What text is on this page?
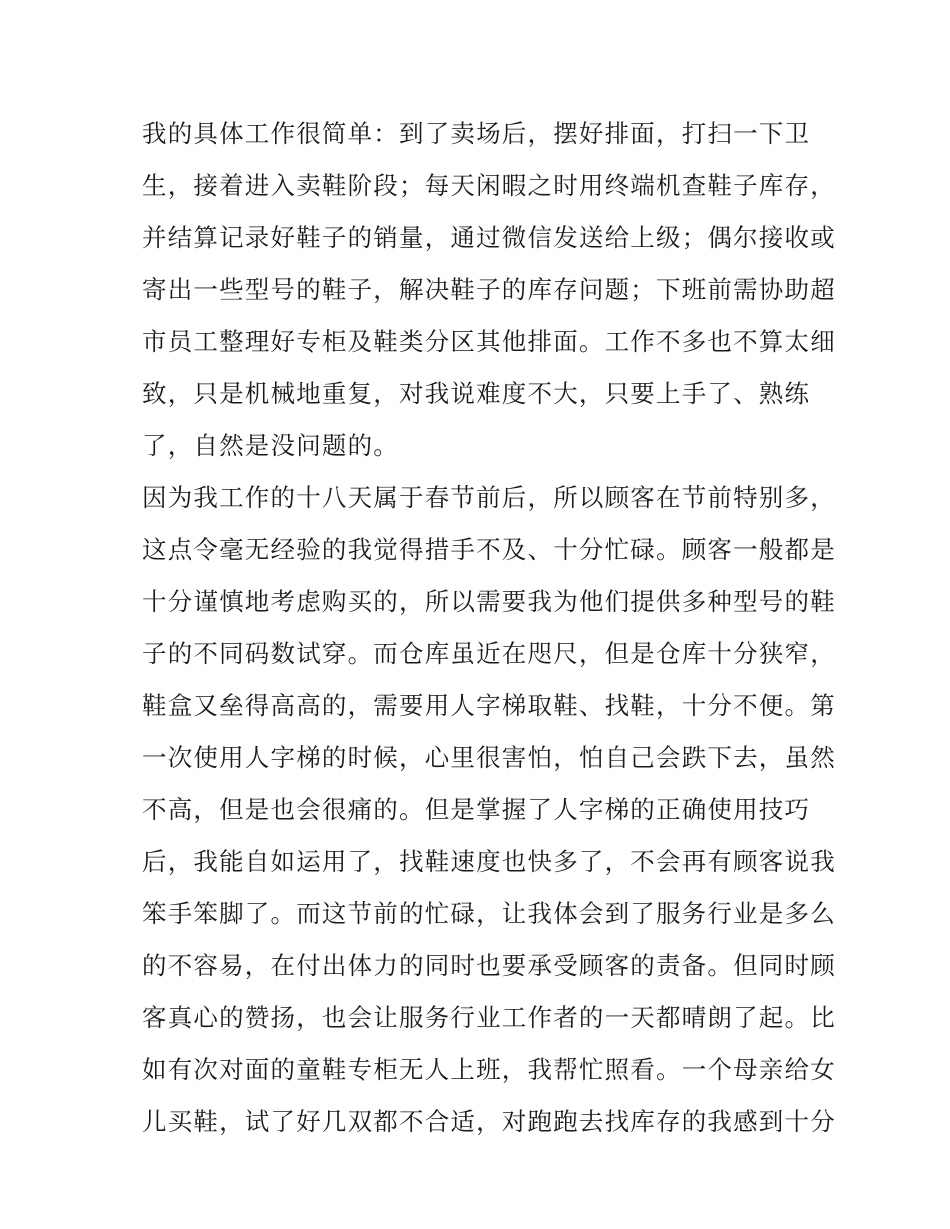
我的具体工作很简单：到了卖场后，摆好排面，打扫一下卫
生，接着进入卖鞋阶段；每天闲暇之时用终端机查鞋子库存，
并结算记录好鞋子的销量，通过微信发送给上级；偶尔接收或
寄出一些型号的鞋子，解决鞋子的库存问题；下班前需协助超
市员工整理好专柜及鞋类分区其他排面。工作不多也不算太细
致，只是机械地重复，对我说难度不大，只要上手了、熟练
了，自然是没问题的。
因为我工作的十八天属于春节前后，所以顾客在节前特别多，
这点令毫无经验的我觉得措手不及、十分忙碌。顾客一般都是
十分谨慎地考虑购买的，所以需要我为他们提供多种型号的鞋
子的不同码数试穿。而仓库虽近在咫尺，但是仓库十分狭窄，
鞋盒又垒得高高的，需要用人字梯取鞋、找鞋，十分不便。第
一次使用人字梯的时候，心里很害怕，怕自己会跌下去，虽然
不高，但是也会很痛的。但是掌握了人字梯的正确使用技巧
后，我能自如运用了，找鞋速度也快多了，不会再有顾客说我
笨手笨脚了。而这节前的忙碌，让我体会到了服务行业是多么
的不容易，在付出体力的同时也要承受顾客的责备。但同时顾
客真心的赞扬，也会让服务行业工作者的一天都晴朗了起。比
如有次对面的童鞋专柜无人上班，我帮忙照看。一个母亲给女
儿买鞋，试了好几双都不合适，对跑跑去找库存的我感到十分
